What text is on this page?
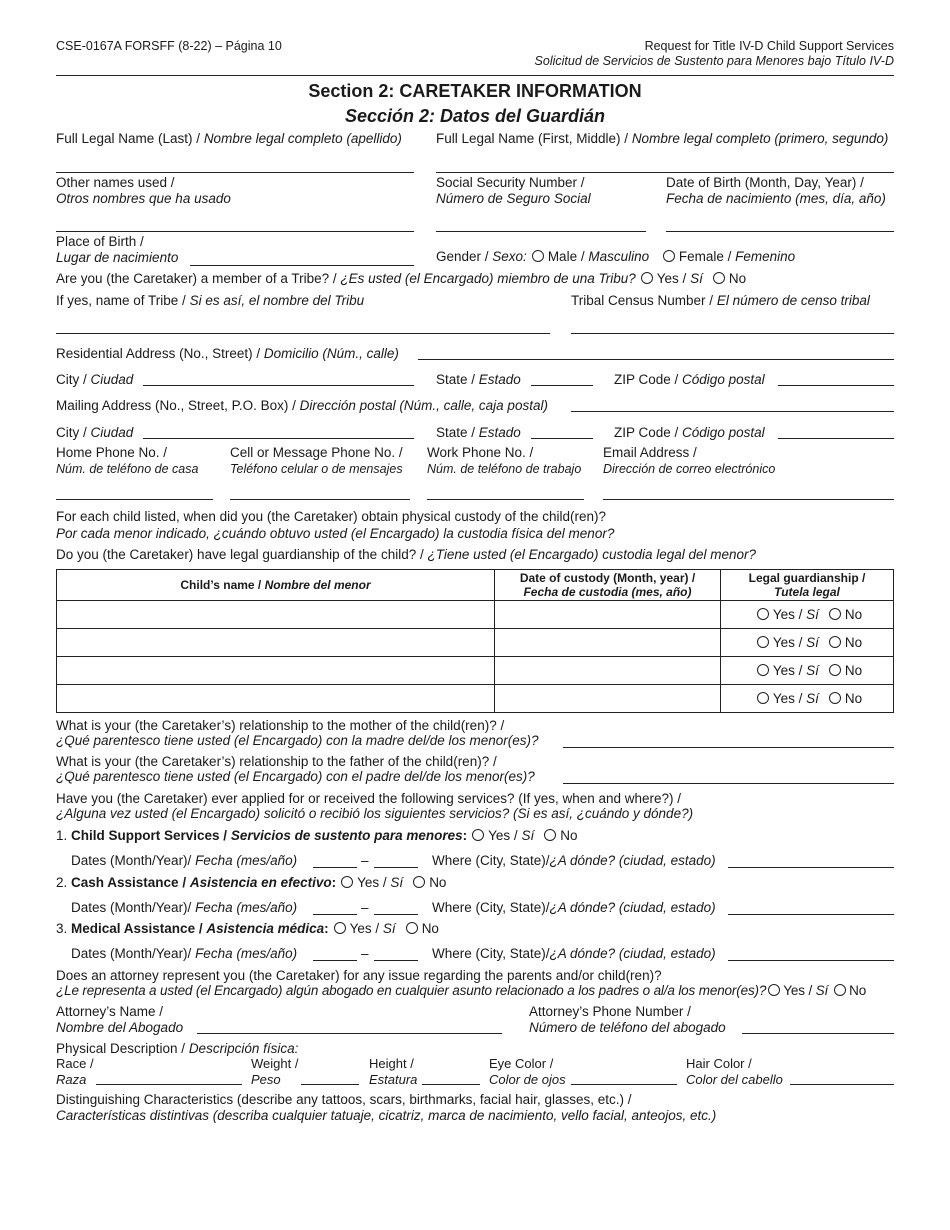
CSE-0167A FORSFF (8-22) – Página 10	Request for Title IV-D Child Support Services
Solicitud de Servicios de Sustento para Menores bajo Título IV-D
Section 2: CARETAKER INFORMATION
Sección 2: Datos del Guardián
Full Legal Name (Last) / Nombre legal completo (apellido)	Full Legal Name (First, Middle) / Nombre legal completo (primero, segundo)
Other names used /
Otros nombres que ha usado
Social Security Number /
Número de Seguro Social
Date of Birth (Month, Day, Year) /
Fecha de nacimiento (mes, día, año)
Place of Birth /
Lugar de nacimiento	Gender / Sexo: Male / Masculino Female / Femenino
Are you (the Caretaker) a member of a Tribe? / ¿Es usted (el Encargado) miembro de una Tribu? Yes / Sí No
If yes, name of Tribe / Si es así, el nombre del Tribu	Tribal Census Number / El número de censo tribal
Residential Address (No., Street) / Domicilio (Núm., calle)
City / Ciudad	State / Estado	ZIP Code / Código postal
Mailing Address (No., Street, P.O. Box) / Dirección postal (Núm., calle, caja postal)
City / Ciudad	State / Estado	ZIP Code / Código postal
Home Phone No. /
Núm. de teléfono de casa
Cell or Message Phone No. /
Teléfono celular o de mensajes
Work Phone No. /
Núm. de teléfono de trabajo
Email Address /
Dirección de correo electrónico
For each child listed, when did you (the Caretaker) obtain physical custody of the child(ren)?
Por cada menor indicado, ¿cuándo obtuvo usted (el Encargado) la custodia física del menor?
Do you (the Caretaker) have legal guardianship of the child? / ¿Tiene usted (el Encargado) custodia legal del menor?
Child’s name / Nombre del menor	Date of custody (Month, year) /
Fecha de custodia (mes, año)	Legal guardianship /
Tutela legal
		Yes / Sí No
		Yes / Sí No
		Yes / Sí No
		Yes / Sí No
What is your (the Caretaker’s) relationship to the mother of the child(ren)? /
¿Qué parentesco tiene usted (el Encargado) con la madre del/de los menor(es)?
What is your (the Caretaker’s) relationship to the father of the child(ren)? /
¿Qué parentesco tiene usted (el Encargado) con el padre del/de los menor(es)?
Have you (the Caretaker) ever applied for or received the following services? (If yes, when and where?) /
¿Alguna vez usted (el Encargado) solicitó o recibió los siguientes servicios? (Si es así, ¿cuándo y dónde?)
1. Child Support Services / Servicios de sustento para menores: Yes / Sí No
Dates (Month/Year)/ Fecha (mes/año)	–	Where (City, State)/¿A dónde? (ciudad, estado)
2. Cash Assistance / Asistencia en efectivo: Yes / Sí No
Dates (Month/Year)/ Fecha (mes/año)	–	Where (City, State)/¿A dónde? (ciudad, estado)
3. Medical Assistance / Asistencia médica: Yes / Sí No
Dates (Month/Year)/ Fecha (mes/año)	–	Where (City, State)/¿A dónde? (ciudad, estado)
Does an attorney represent you (the Caretaker) for any issue regarding the parents and/or child(ren)?
¿Le representa a usted (el Encargado) algún abogado en cualquier asunto relacionado a los padres o al/a los menor(es)? Yes / Sí No
Attorney’s Name /
Nombre del Abogado
Attorney’s Phone Number /
Número de teléfono del abogado
Physical Description / Descripción física:
Race /
Raza
Weight /
Peso
Height /
Estatura
Eye Color /
Color de ojos
Hair Color /
Color del cabello
Distinguishing Characteristics (describe any tattoos, scars, birthmarks, facial hair, glasses, etc.) /
Características distintivas (describa cualquier tatuaje, cicatriz, marca de nacimiento, vello facial, anteojos, etc.)
